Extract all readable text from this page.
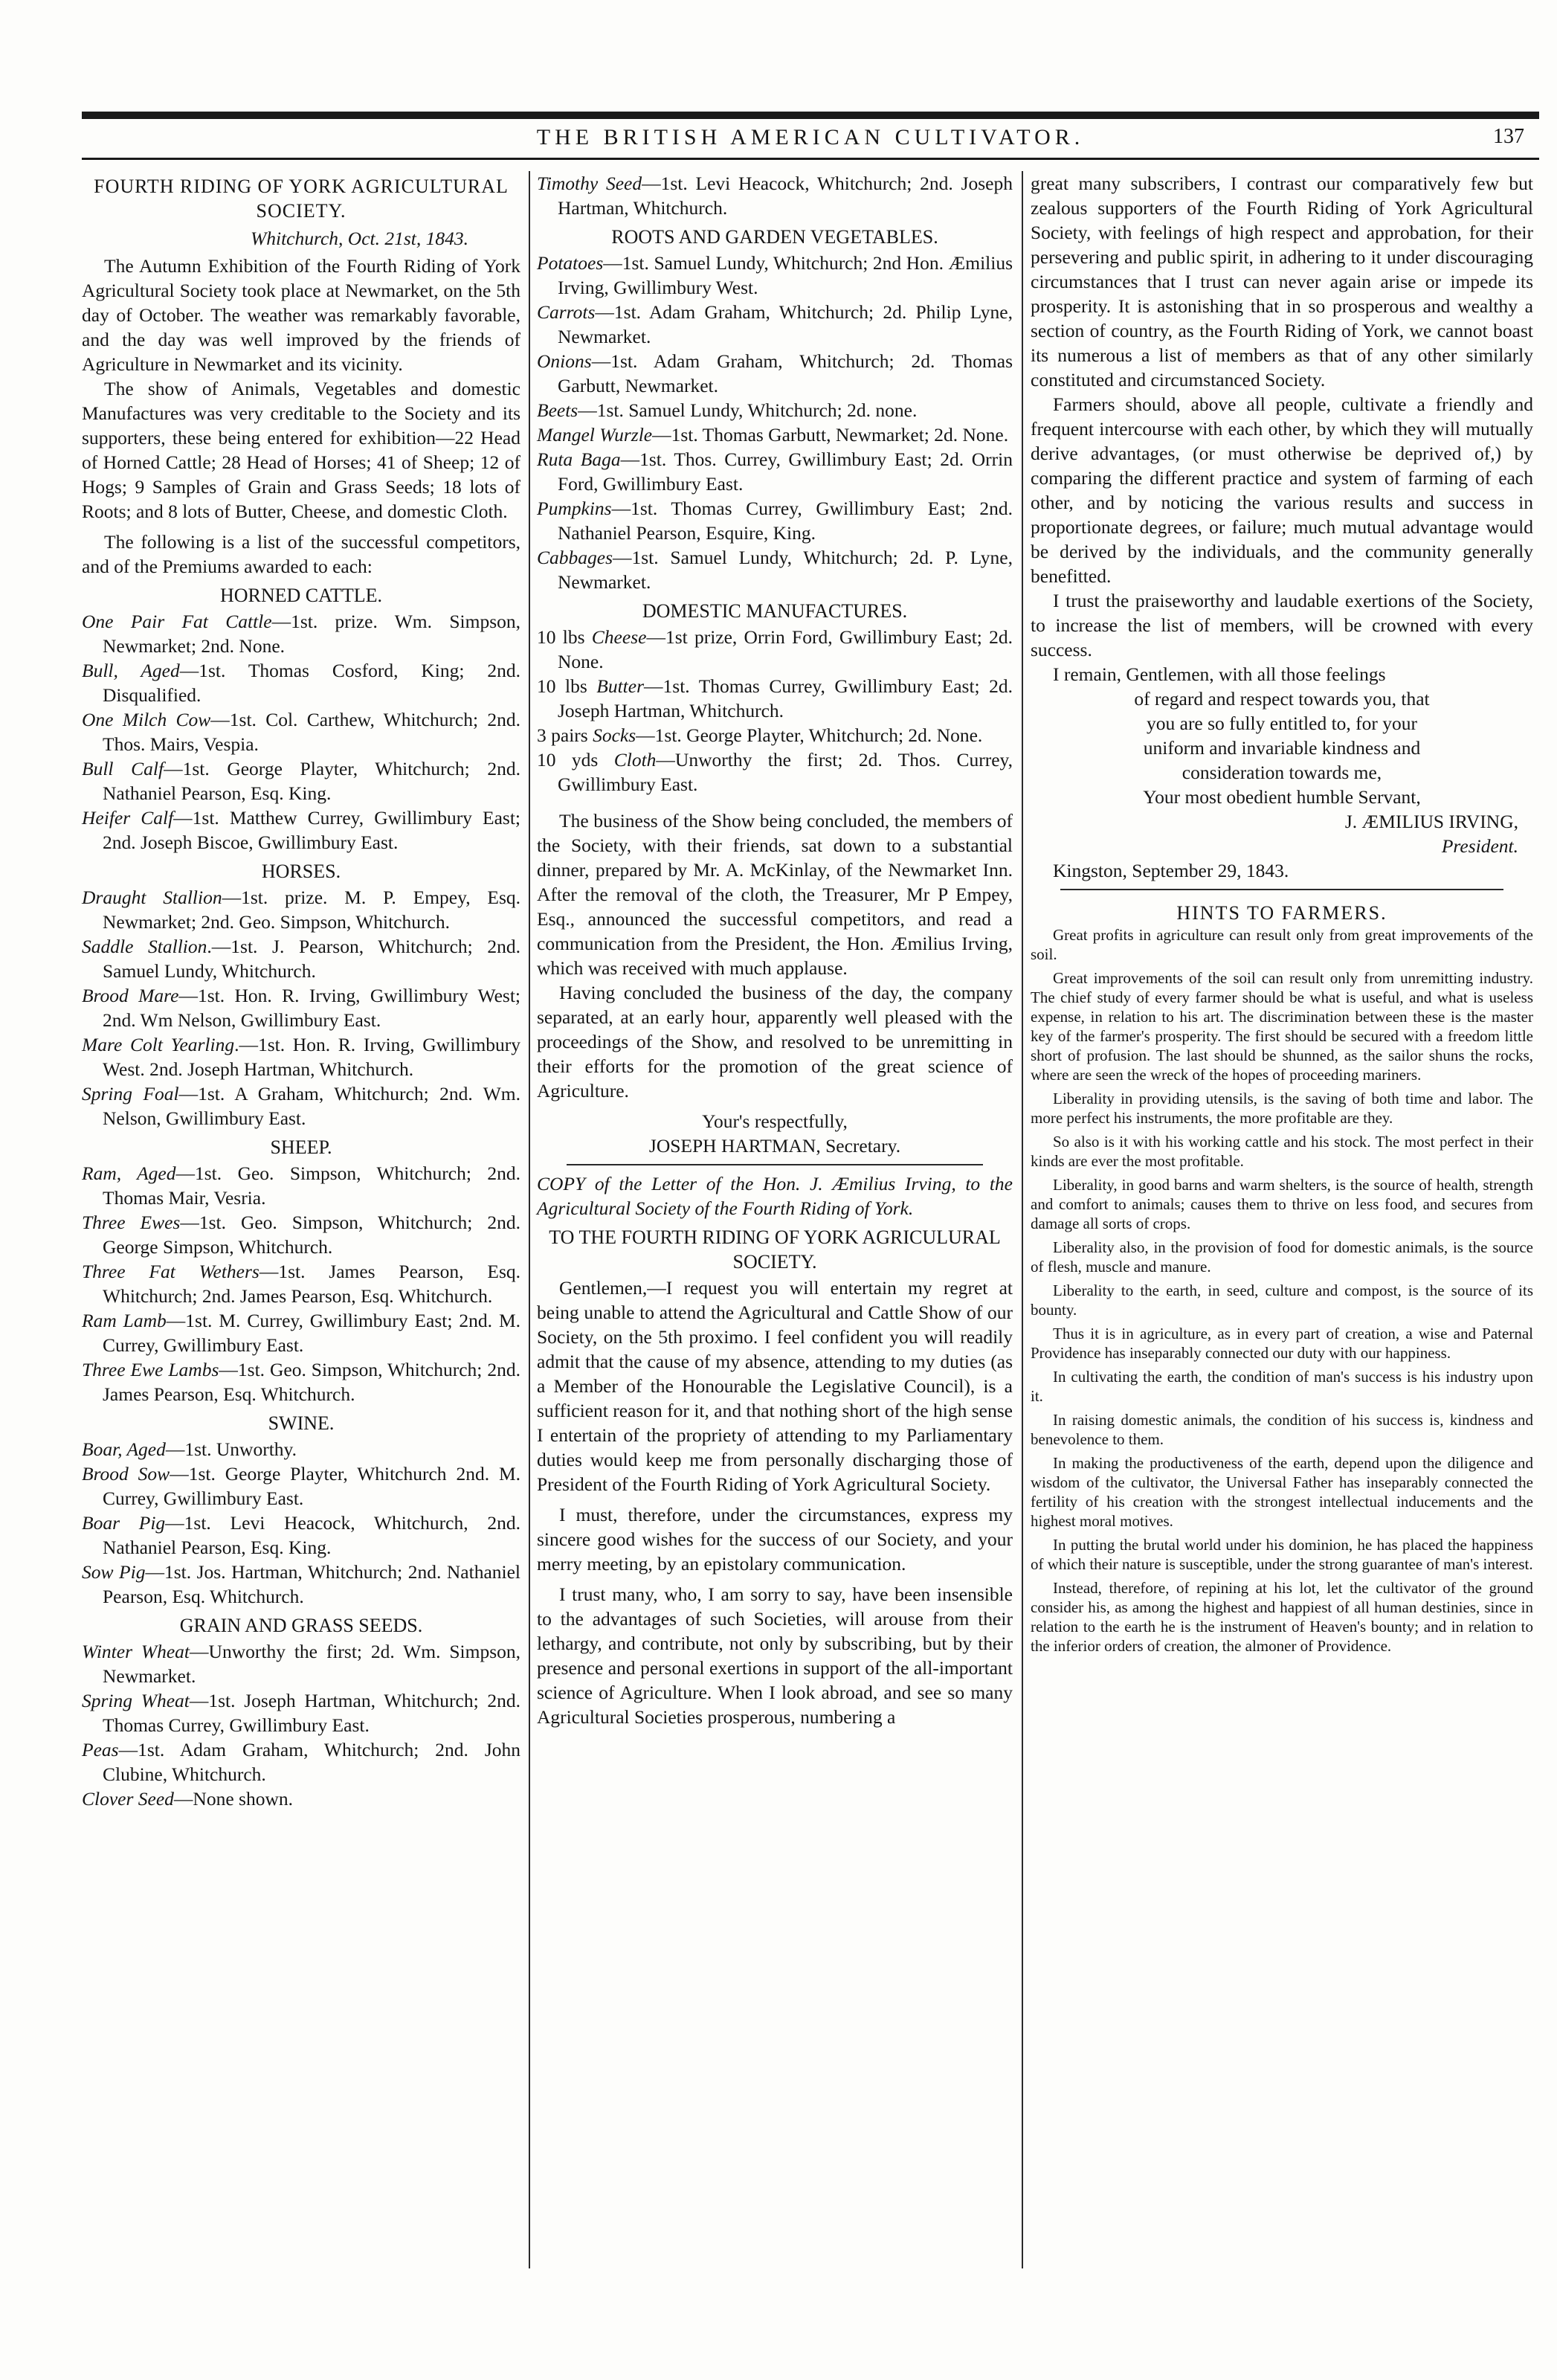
THE BRITISH AMERICAN CULTIVATOR.	137

FOURTH RIDING OF YORK AGRICULTURAL SOCIETY.

Whitchurch, Oct. 21st, 1843.

The Autumn Exhibition of the Fourth Riding of York Agricultural Society took place at Newmarket, on the 5th day of October. The weather was remarkably favorable, and the day was well improved by the friends of Agriculture in Newmarket and its vicinity.

The show of Animals, Vegetables and domestic Manufactures was very creditable to the Society and its supporters, these being entered for exhibition—22 Head of Horned Cattle; 28 Head of Horses; 41 of Sheep; 12 of Hogs; 9 Samples of Grain and Grass Seeds; 18 lots of Roots; and 8 lots of Butter, Cheese, and domestic Cloth.

The following is a list of the successful competitors, and of the Premiums awarded to each:

HORNED CATTLE.

One Pair Fat Cattle—1st. prize. Wm. Simpson, Newmarket; 2nd. None.

Bull, Aged—1st. Thomas Cosford, King; 2nd. Disqualified.

One Milch Cow—1st. Col. Carthew, Whitchurch; 2nd. Thos. Mairs, Vespia.

Bull Calf—1st. George Playter, Whitchurch; 2nd. Nathaniel Pearson, Esq. King.

Heifer Calf—1st. Matthew Currey, Gwillimbury East; 2nd. Joseph Biscoe, Gwillimbury East.

HORSES.

Draught Stallion—1st. prize. M. P. Empey, Esq. Newmarket; 2nd. Geo. Simpson, Whitchurch.

Saddle Stallion.—1st. J. Pearson, Whitchurch; 2nd. Samuel Lundy, Whitchurch.

Brood Mare—1st. Hon. R. Irving, Gwillimbury West; 2nd. Wm Nelson, Gwillimbury East.

Mare Colt Yearling.—1st. Hon. R. Irving, Gwillimbury West. 2nd. Joseph Hartman, Whitchurch.

Spring Foal—1st. A Graham, Whitchurch; 2nd. Wm. Nelson, Gwillimbury East.

SHEEP.

Ram, Aged—1st. Geo. Simpson, Whitchurch; 2nd. Thomas Mair, Vesria.

Three Ewes—1st. Geo. Simpson, Whitchurch; 2nd. George Simpson, Whitchurch.

Three Fat Wethers—1st. James Pearson, Esq. Whitchurch; 2nd. James Pearson, Esq. Whitchurch.

Ram Lamb—1st. M. Currey, Gwillimbury East; 2nd. M. Currey, Gwillimbury East.

Three Ewe Lambs—1st. Geo. Simpson, Whitchurch; 2nd. James Pearson, Esq. Whitchurch.

SWINE.

Boar, Aged—1st. Unworthy.

Brood Sow—1st. George Playter, Whitchurch 2nd. M. Currey, Gwillimbury East.

Boar Pig—1st. Levi Heacock, Whitchurch, 2nd. Nathaniel Pearson, Esq. King.

Sow Pig—1st. Jos. Hartman, Whitchurch; 2nd. Nathaniel Pearson, Esq. Whitchurch.

GRAIN AND GRASS SEEDS.

Winter Wheat—Unworthy the first; 2d. Wm. Simpson, Newmarket.

Spring Wheat—1st. Joseph Hartman, Whitchurch; 2nd. Thomas Currey, Gwillimbury East.

Peas—1st. Adam Graham, Whitchurch; 2nd. John Clubine, Whitchurch.

Clover Seed—None shown.

Timothy Seed—1st. Levi Heacock, Whitchurch; 2nd. Joseph Hartman, Whitchurch.

ROOTS AND GARDEN VEGETABLES.

Potatoes—1st. Samuel Lundy, Whitchurch; 2nd Hon. Æmilius Irving, Gwillimbury West.

Carrots—1st. Adam Graham, Whitchurch; 2d. Philip Lyne, Newmarket.

Onions—1st. Adam Graham, Whitchurch; 2d. Thomas Garbutt, Newmarket.

Beets—1st. Samuel Lundy, Whitchurch; 2d. none.

Mangel Wurzle—1st. Thomas Garbutt, Newmarket; 2d. None.

Ruta Baga—1st. Thos. Currey, Gwillimbury East; 2d. Orrin Ford, Gwillimbury East.

Pumpkins—1st. Thomas Currey, Gwillimbury East; 2nd. Nathaniel Pearson, Esquire, King.

Cabbages—1st. Samuel Lundy, Whitchurch; 2d. P. Lyne, Newmarket.

DOMESTIC MANUFACTURES.

10 lbs Cheese—1st prize, Orrin Ford, Gwillimbury East; 2d. None.

10 lbs Butter—1st. Thomas Currey, Gwillimbury East; 2d. Joseph Hartman, Whitchurch.

3 pairs Socks—1st. George Playter, Whitchurch; 2d. None.

10 yds Cloth—Unworthy the first; 2d. Thos. Currey, Gwillimbury East.

The business of the Show being concluded, the members of the Society, with their friends, sat down to a substantial dinner, prepared by Mr. A. McKinlay, of the Newmarket Inn. After the removal of the cloth, the Treasurer, Mr P Empey, Esq., announced the successful competitors, and read a communication from the President, the Hon. Æmilius Irving, which was received with much applause.

Having concluded the business of the day, the company separated, at an early hour, apparently well pleased with the proceedings of the Show, and resolved to be unremitting in their efforts for the promotion of the great science of Agriculture.

Your's respectfully,

JOSEPH HARTMAN, Secretary.

COPY of the Letter of the Hon. J. Æmilius Irving, to the Agricultural Society of the Fourth Riding of York.

TO THE FOURTH RIDING OF YORK AGRICULURAL SOCIETY.

Gentlemen,—I request you will entertain my regret at being unable to attend the Agricultural and Cattle Show of our Society, on the 5th proximo. I feel confident you will readily admit that the cause of my absence, attending to my duties (as a Member of the Honourable the Legislative Council), is a sufficient reason for it, and that nothing short of the high sense I entertain of the propriety of attending to my Parliamentary duties would keep me from personally discharging those of President of the Fourth Riding of York Agricultural Society.

I must, therefore, under the circumstances, express my sincere good wishes for the success of our Society, and your merry meeting, by an epistolary communication.

I trust many, who, I am sorry to say, have been insensible to the advantages of such Societies, will arouse from their lethargy, and contribute, not only by subscribing, but by their presence and personal exertions in support of the all-important science of Agriculture. When I look abroad, and see so many Agricultural Societies prosperous, numbering a

great many subscribers, I contrast our comparatively few but zealous supporters of the Fourth Riding of York Agricultural Society, with feelings of high respect and approbation, for their persevering and public spirit, in adhering to it under discouraging circumstances that I trust can never again arise or impede its prosperity. It is astonishing that in so prosperous and wealthy a section of country, as the Fourth Riding of York, we cannot boast its numerous a list of members as that of any other similarly constituted and circumstanced Society.

Farmers should, above all people, cultivate a friendly and frequent intercourse with each other, by which they will mutually derive advantages, (or must otherwise be deprived of,) by comparing the different practice and system of farming of each other, and by noticing the various results and success in proportionate degrees, or failure; much mutual advantage would be derived by the individuals, and the community generally benefitted.

I trust the praiseworthy and laudable exertions of the Society, to increase the list of members, will be crowned with every success.

I remain, Gentlemen, with all those feelings

of regard and respect towards you, that

you are so fully entitled to, for your

uniform and invariable kindness and

consideration towards me,

Your most obedient humble Servant,

J. ÆMILIUS IRVING,

President.

Kingston, September 29, 1843.

HINTS TO FARMERS.

Great profits in agriculture can result only from great improvements of the soil.

Great improvements of the soil can result only from unremitting industry. The chief study of every farmer should be what is useful, and what is useless expense, in relation to his art. The discrimination between these is the master key of the farmer's prosperity. The first should be secured with a freedom little short of profusion. The last should be shunned, as the sailor shuns the rocks, where are seen the wreck of the hopes of proceeding mariners.

Liberality in providing utensils, is the saving of both time and labor. The more perfect his instruments, the more profitable are they.

So also is it with his working cattle and his stock. The most perfect in their kinds are ever the most profitable.

Liberality, in good barns and warm shelters, is the source of health, strength and comfort to animals; causes them to thrive on less food, and secures from damage all sorts of crops.

Liberality also, in the provision of food for domestic animals, is the source of flesh, muscle and manure.

Liberality to the earth, in seed, culture and compost, is the source of its bounty.

Thus it is in agriculture, as in every part of creation, a wise and Paternal Providence has inseparably connected our duty with our happiness.

In cultivating the earth, the condition of man's success is his industry upon it.

In raising domestic animals, the condition of his success is, kindness and benevolence to them.

In making the productiveness of the earth, depend upon the diligence and wisdom of the cultivator, the Universal Father has inseparably connected the fertility of his creation with the strongest intellectual inducements and the highest moral motives.

In putting the brutal world under his dominion, he has placed the happiness of which their nature is susceptible, under the strong guarantee of man's interest.

Instead, therefore, of repining at his lot, let the cultivator of the ground consider his, as among the highest and happiest of all human destinies, since in relation to the earth he is the instrument of Heaven's bounty; and in relation to the inferior orders of creation, the almoner of Providence.
